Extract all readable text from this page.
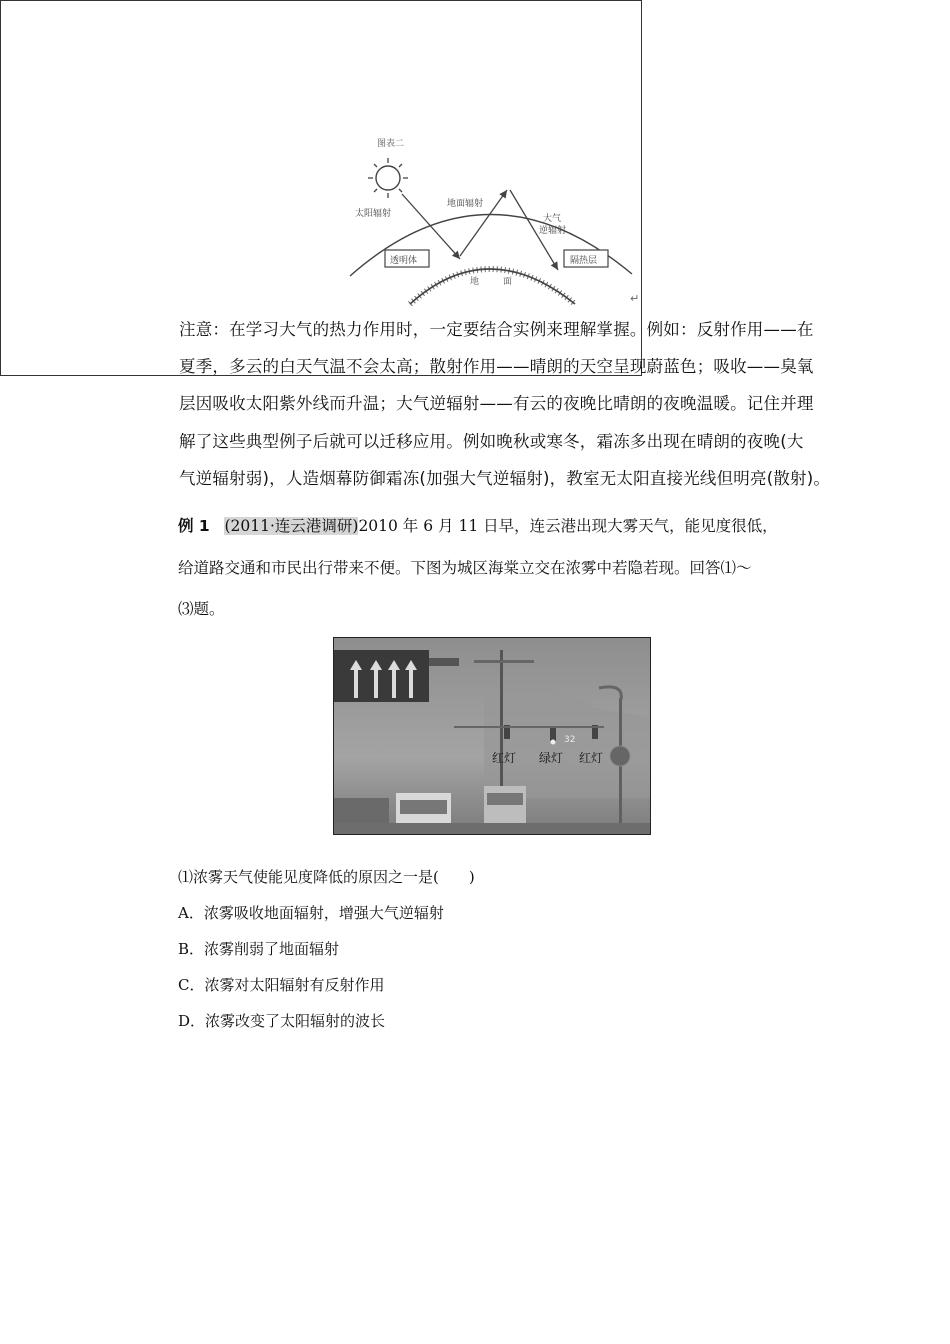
图表二
太阳辐射
地面辐射
大气
逆辐射
透明体	隔热层
地	面
↵
注意：在学习大气的热力作用时，一定要结合实例来理解掌握。例如：反射作用——在
夏季，多云的白天气温不会太高；散射作用——晴朗的天空呈现蔚蓝色；吸收——臭氧
层因吸收太阳紫外线而升温；大气逆辐射——有云的夜晚比晴朗的夜晚温暖。记住并理
解了这些典型例子后就可以迁移应用。例如晚秋或寒冬，霜冻多出现在晴朗的夜晚(大
气逆辐射弱)，人造烟幕防御霜冻(加强大气逆辐射)，教室无太阳直接光线但明亮(散射)。
例 1 (2011·连云港调研)2010 年 6 月 11 日早，连云港出现大雾天气，能见度很低，
给道路交通和市民出行带来不便。下图为城区海棠立交在浓雾中若隐若现。回答⑴～
⑶题。
32
红灯 绿灯 红灯
⑴浓雾天气使能见度降低的原因之一是(　　)
A．浓雾吸收地面辐射，增强大气逆辐射
B．浓雾削弱了地面辐射
C．浓雾对太阳辐射有反射作用
D．浓雾改变了太阳辐射的波长
